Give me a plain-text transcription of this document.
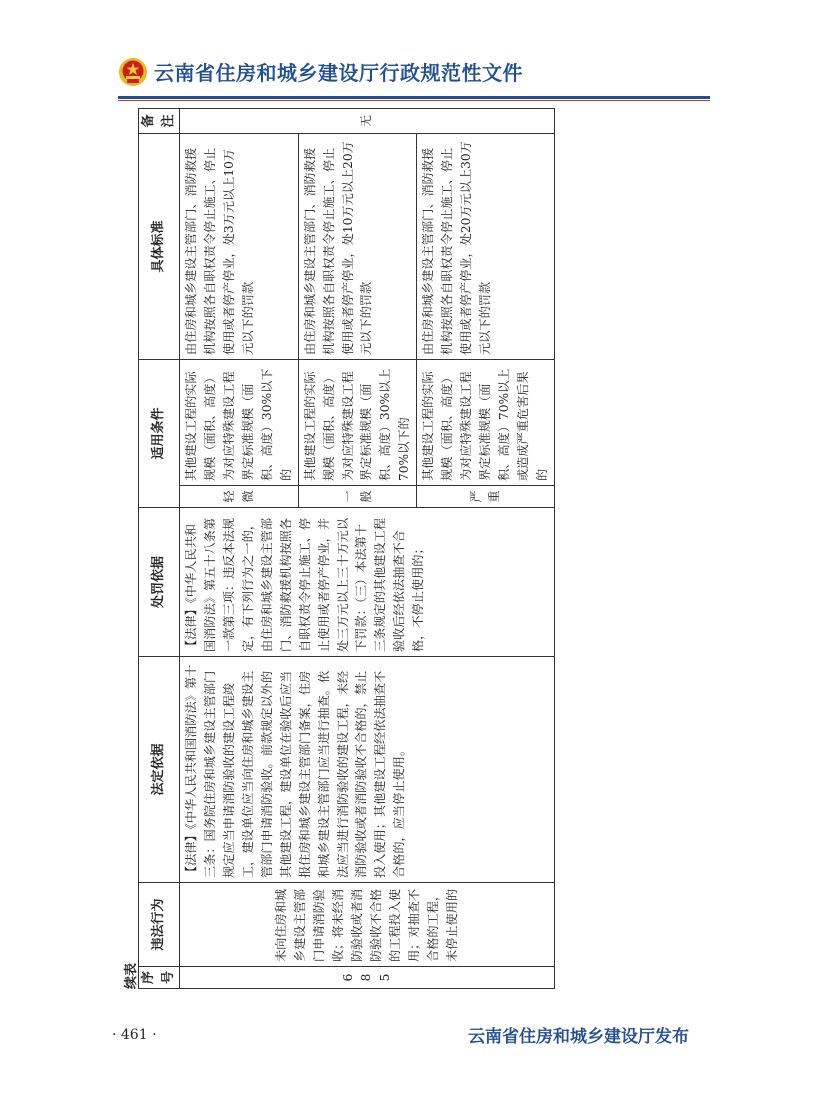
云南省住房和城乡建设厅行政规范性文件
续表 序号	违法行为	法定依据	处罚依据	适用条件		具体标准	备注
685	未向住房和城乡建设主管部门申请消防验收；将未经消防验收或者消防验收不合格的工程投入使用；对抽查不合格的工程，未停止使用的	【法律】《中华人民共和国消防法》第十三条：国务院住房和城乡建设主管部门规定应当申请消防验收的建设工程竣工，建设单位应当向住房和城乡建设主管部门申请消防验收。前款规定以外的其他建设工程，建设单位在验收后应当报住房和城乡建设主管部门备案，住房和城乡建设主管部门应当进行抽查。依法应当进行消防验收的建设工程，未经消防验收或者消防验收不合格的，禁止投入使用；其他建设工程经依法抽查不合格的，应当停止使用。	【法律】《中华人民共和国消防法》第五十八条第一款第三项：违反本法规定，有下列行为之一的，由住房和城乡建设主管部门、消防救援机构按照各自职权责令停止施工、停止使用或者停产停业，并处三万元以上三十万元以下罚款：（三）本法第十三条规定的其他建设工程验收后经依法抽查不合格，不停止使用的；	轻微	其他建设工程的实际规模（面积、高度）为对应特殊建设工程界定标准规模（面积、高度）30%以下的	由住房和城乡建设主管部门、消防救援机构按照各自职权责令停止施工、停止使用或者停产停业，处3万元以上10万元以下的罚款	无
				一般	其他建设工程的实际规模（面积、高度）为对应特殊建设工程界定标准规模（面积、高度）30%以上70%以下的	由住房和城乡建设主管部门、消防救援机构按照各自职权责令停止施工、停止使用或者停产停业，处10万元以上20万元以下的罚款	
				严重	其他建设工程的实际规模（面积、高度）为对应特殊建设工程界定标准规模（面积、高度）70%以上或造成严重危害后果的	由住房和城乡建设主管部门、消防救援机构按照各自职权责令停止施工、停止使用或者停产停业，处20万元以上30万元以下的罚款	
· 461 ·	云南省住房和城乡建设厅发布
